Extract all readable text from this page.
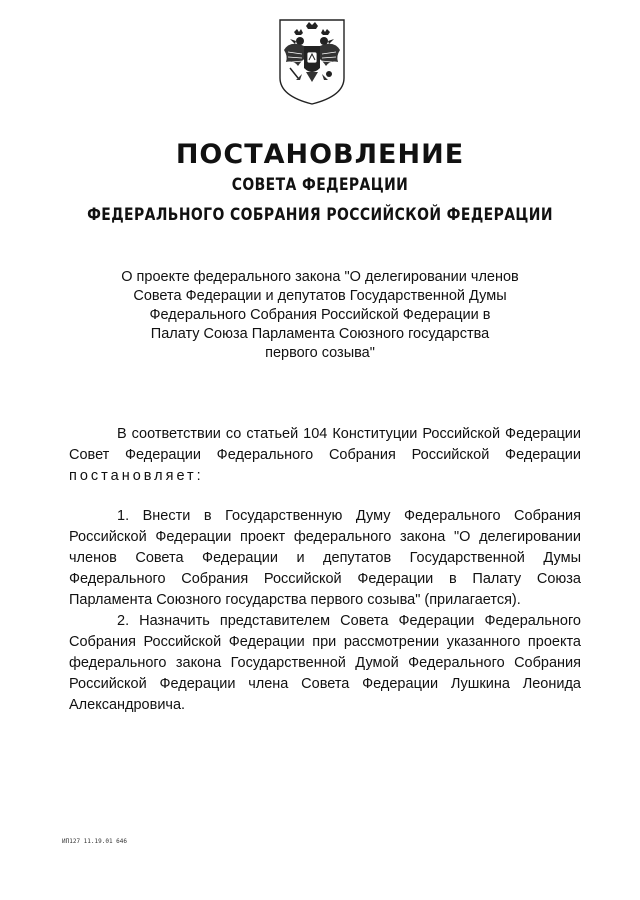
ПОСТАНОВЛЕНИЕ
СОВЕТА ФЕДЕРАЦИИ
ФЕДЕРАЛЬНОГО СОБРАНИЯ РОССИЙСКОЙ ФЕДЕРАЦИИ
О проекте федерального закона "О делегировании членов
Совета Федерации и депутатов Государственной Думы
Федерального Собрания Российской Федерации в
Палату Союза Парламента Союзного государства
первого созыва"

В соответствии со статьей 104 Конституции Российской Федерации Совет Федерации Федерального Собрания Российской Федерации постановляет:

1. Внести в Государственную Думу Федерального Собрания Российской Федерации проект федерального закона "О делегировании членов Совета Федерации и депутатов Государственной Думы Федерального Собрания Российской Федерации в Палату Союза Парламента Союзного государства первого созыва" (прилагается).

2. Назначить представителем Совета Федерации Федерального Собрания Российской Федерации при рассмотрении указанного проекта федерального закона Государственной Думой Федерального Собрания Российской Федерации члена Совета Федерации Лушкина Леонида Александровича.

ИП127 11.19.01 646
